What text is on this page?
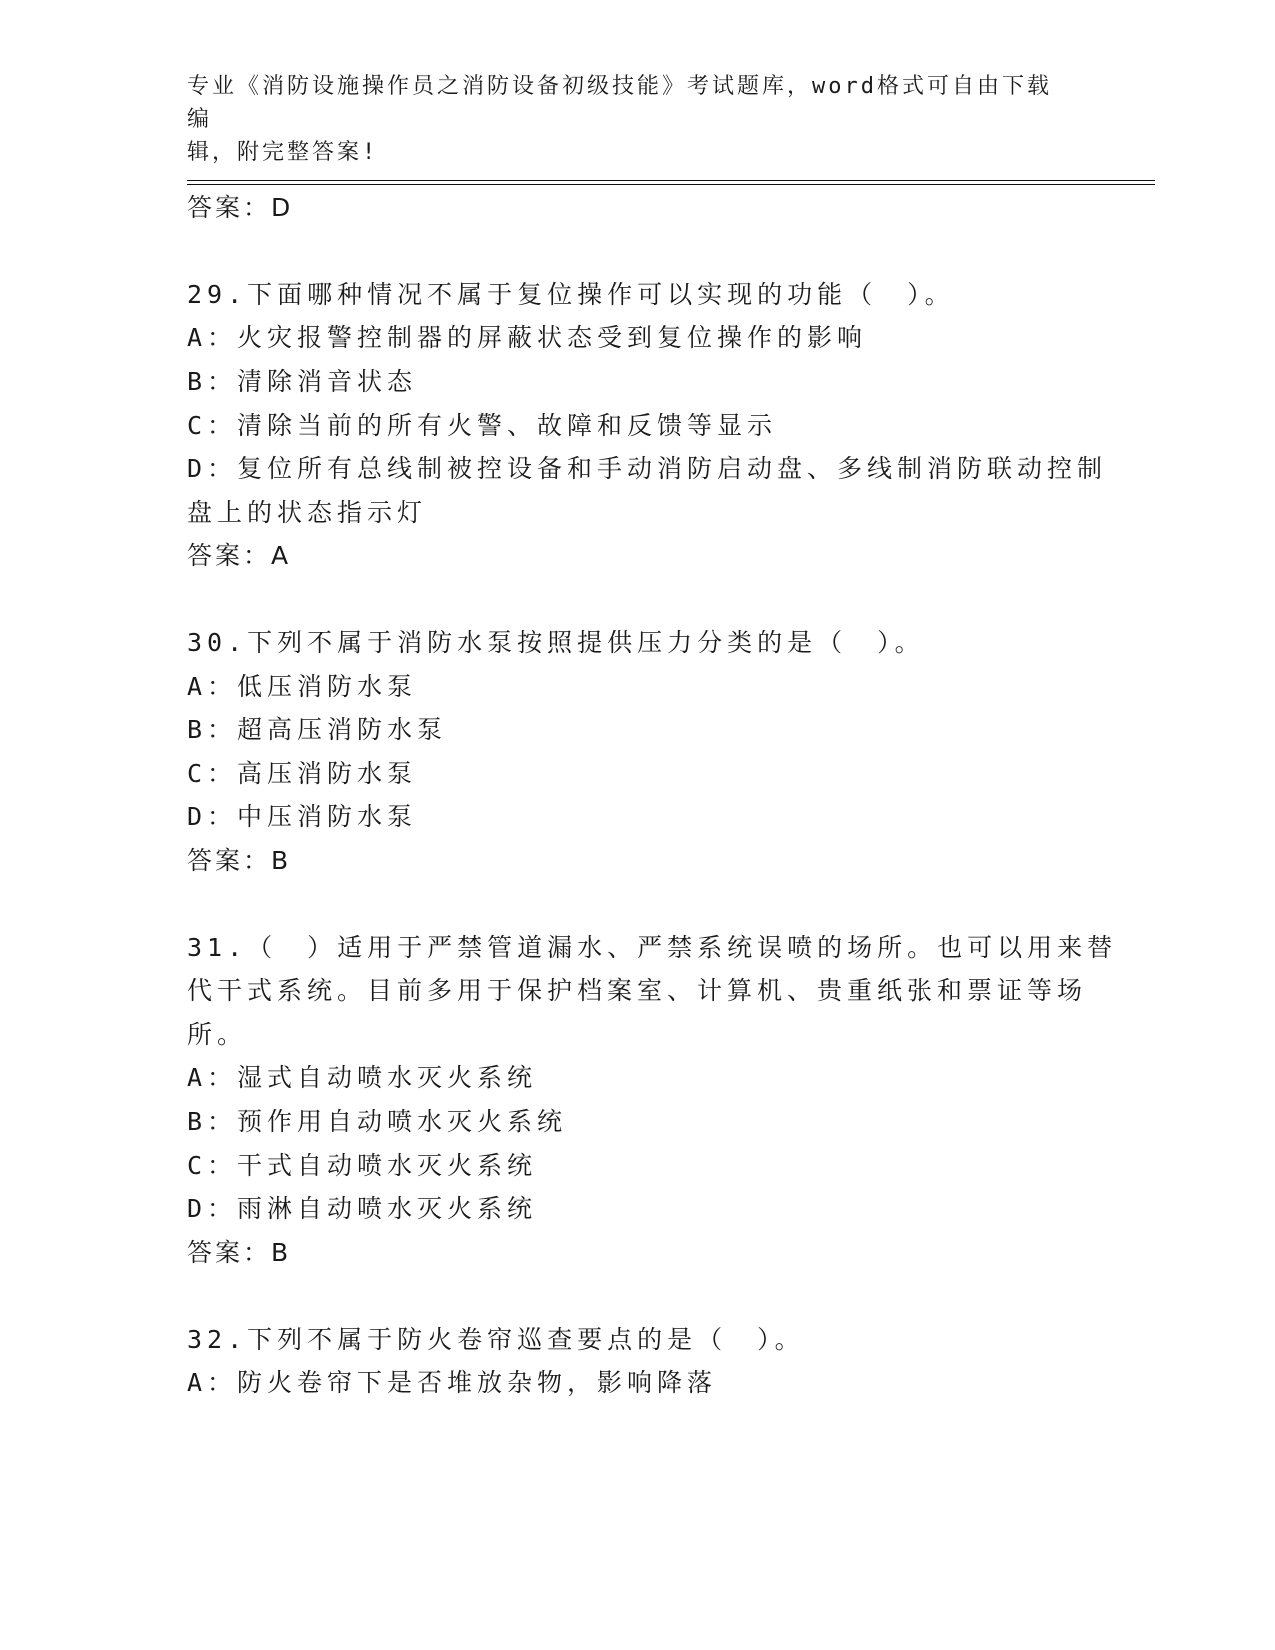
专业《消防设施操作员之消防设备初级技能》考试题库，word格式可自由下载编
辑，附完整答案!
答案：D
29.下面哪种情况不属于复位操作可以实现的功能（　）。
A：火灾报警控制器的屏蔽状态受到复位操作的影响
B：清除消音状态
C：清除当前的所有火警、故障和反馈等显示
D：复位所有总线制被控设备和手动消防启动盘、多线制消防联动控制
盘上的状态指示灯
答案：A
30.下列不属于消防水泵按照提供压力分类的是（　）。
A：低压消防水泵
B：超高压消防水泵
C：高压消防水泵
D：中压消防水泵
答案：B
31.（　）适用于严禁管道漏水、严禁系统误喷的场所。也可以用来替
代干式系统。目前多用于保护档案室、计算机、贵重纸张和票证等场
所。
A：湿式自动喷水灭火系统
B：预作用自动喷水灭火系统
C：干式自动喷水灭火系统
D：雨淋自动喷水灭火系统
答案：B
32.下列不属于防火卷帘巡查要点的是（　）。
A：防火卷帘下是否堆放杂物，影响降落
